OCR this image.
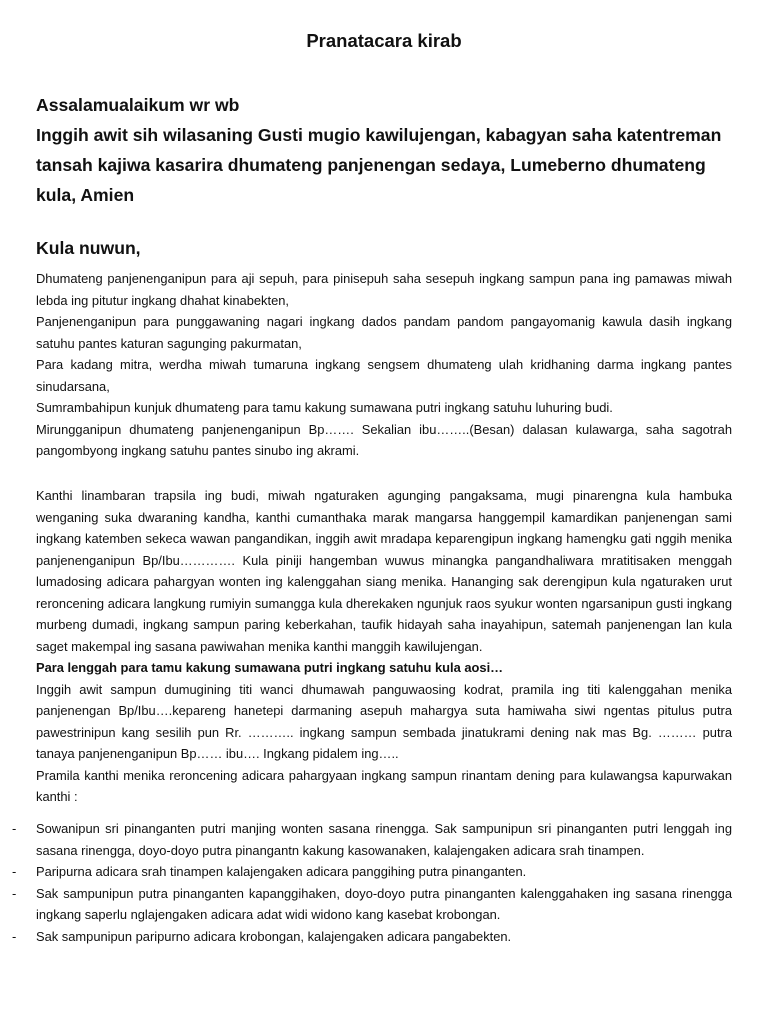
Pranatacara kirab

Assalamualaikum wr wb
Inggih awit sih wilasaning Gusti mugio kawilujengan, kabagyan saha katentreman tansah kajiwa kasarira dhumateng panjenengan sedaya, Lumeberno dhumateng kula, Amien

Kula nuwun,

Dhumateng panjenenganipun para aji sepuh, para pinisepuh saha sesepuh ingkang sampun pana ing pamawas miwah lebda ing pitutur ingkang dhahat kinabekten,

Panjenenganipun para punggawaning nagari ingkang dados pandam pandom pangayomanig kawula dasih ingkang satuhu pantes katuran sagunging pakurmatan,

Para kadang mitra, werdha miwah tumaruna ingkang sengsem dhumateng ulah kridhaning darma ingkang pantes sinudarsana,

Sumrambahipun kunjuk dhumateng para tamu kakung sumawana putri ingkang satuhu luhuring budi.

Mirungganipun dhumateng panjenenganipun Bp……. Sekalian ibu……..(Besan) dalasan kulawarga, saha sagotrah pangombyong ingkang satuhu pantes sinubo ing akrami.

Kanthi linambaran trapsila ing budi, miwah ngaturaken agunging pangaksama, mugi pinarengna kula hambuka wenganing suka dwaraning kandha, kanthi cumanthaka marak mangarsa hanggempil kamardikan panjenengan sami ingkang katemben sekeca wawan pangandikan, inggih awit mradapa keparengipun ingkang hamengku gati nggih menika panjenenganipun Bp/Ibu…………. Kula piniji hangemban wuwus minangka pangandhaliwara mratitisaken menggah lumadosing adicara pahargyan wonten ing kalenggahan siang menika. Hananging sak derengipun kula ngaturaken urut reroncening adicara langkung rumiyin sumangga kula dherekaken ngunjuk raos syukur wonten ngarsanipun gusti ingkang murbeng dumadi, ingkang sampun paring keberkahan, taufik hidayah saha inayahipun, satemah panjenengan lan kula saget makempal ing sasana pawiwahan menika kanthi manggih kawilujengan.

Para lenggah para tamu kakung sumawana putri ingkang satuhu kula aosi…

Inggih awit sampun dumugining titi wanci dhumawah panguwaosing kodrat, pramila ing titi kalenggahan menika panjenengan Bp/Ibu….kepareng hanetepi darmaning asepuh mahargya suta hamiwaha siwi ngentas pitulus putra pawestrinipun kang sesilih pun Rr. ……….. ingkang sampun sembada jinatukrami dening nak mas Bg. ……… putra tanaya panjenenganipun Bp…… ibu…. Ingkang pidalem ing…..

Pramila kanthi menika reroncening adicara pahargyaan ingkang sampun rinantam dening para kulawangsa kapurwakan kanthi :

- Sowanipun sri pinanganten putri manjing wonten sasana rinengga. Sak sampunipun sri pinanganten putri lenggah ing sasana rinengga, doyo-doyo putra pinangantn kakung kasowanaken, kalajengaken adicara srah tinampen.
- Paripurna adicara srah tinampen kalajengaken adicara panggihing putra pinanganten.
- Sak sampunipun putra pinanganten kapanggihaken, doyo-doyo putra pinanganten kalenggahaken ing sasana rinengga ingkang saperlu nglajengaken adicara adat widi widono kang kasebat krobongan.
- Sak sampunipun paripurno adicara krobongan, kalajengaken adicara pangabekten.
